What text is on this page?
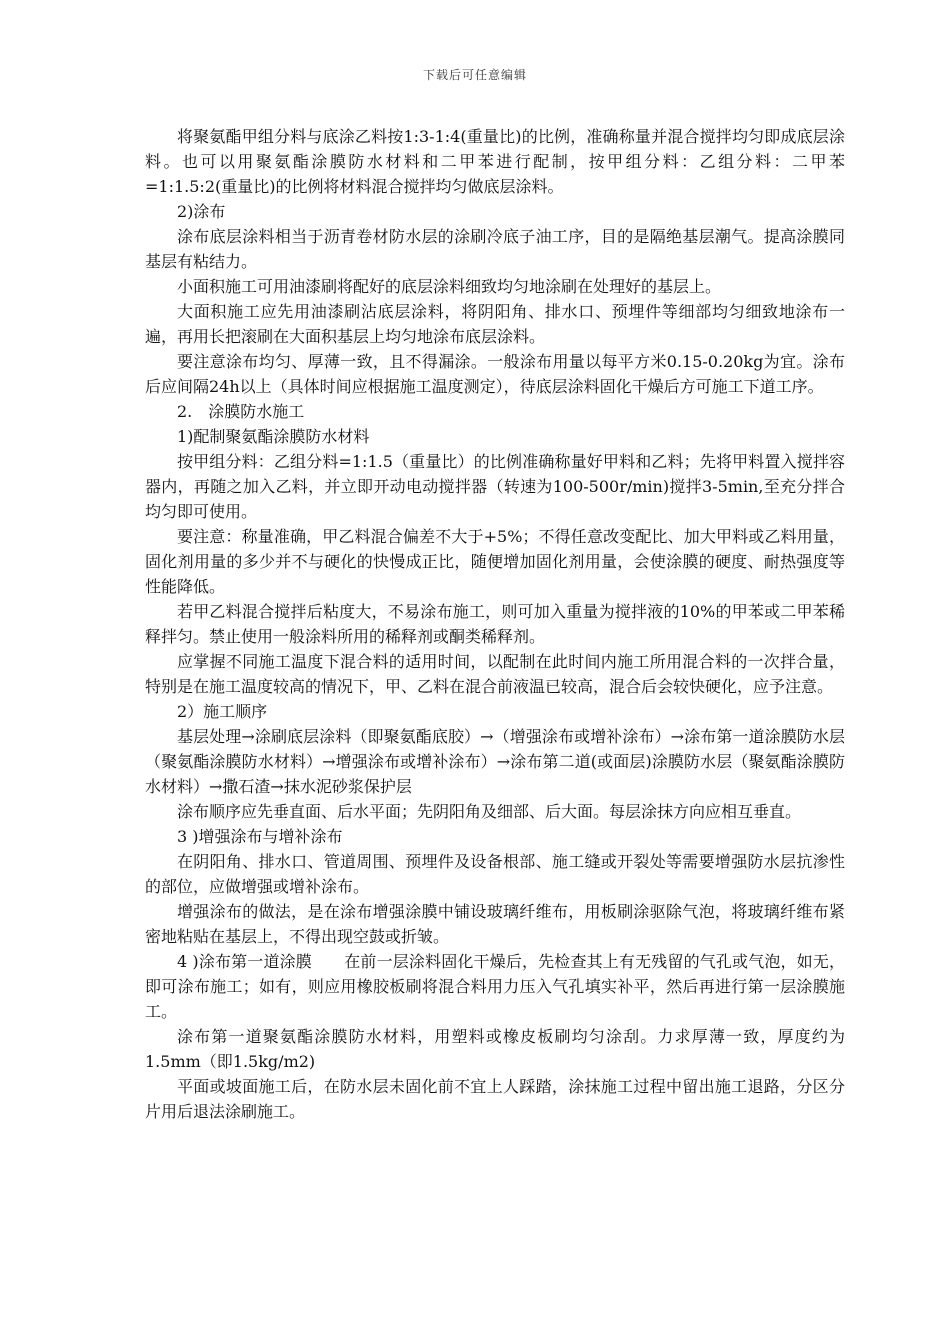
下载后可任意编辑

将聚氨酯甲组分料与底涂乙料按1:3-1:4(重量比)的比例，准确称量并混合搅拌均匀即成底层涂料。也可以用聚氨酯涂膜防水材料和二甲苯进行配制，按甲组分料：乙组分料：二甲苯=1:1.5:2(重量比)的比例将材料混合搅拌均匀做底层涂料。

2)涂布

涂布底层涂料相当于沥青卷材防水层的涂刷冷底子油工序，目的是隔绝基层潮气。提高涂膜同基层有粘结力。

小面积施工可用油漆刷将配好的底层涂料细致均匀地涂刷在处理好的基层上。

大面积施工应先用油漆刷沾底层涂料，将阴阳角、排水口、预埋件等细部均匀细致地涂布一遍，再用长把滚刷在大面积基层上均匀地涂布底层涂料。

要注意涂布均匀、厚薄一致，且不得漏涂。一般涂布用量以每平方米0.15-0.20kg为宜。涂布后应间隔24h以上（具体时间应根据施工温度测定），待底层涂料固化干燥后方可施工下道工序。

2.　涂膜防水施工

1)配制聚氨酯涂膜防水材料

按甲组分料：乙组分料=1:1.5（重量比）的比例准确称量好甲料和乙料；先将甲料置入搅拌容器内，再随之加入乙料，并立即开动电动搅拌器（转速为100-500r/min)搅拌3-5min,至充分拌合均匀即可使用。

要注意：称量准确，甲乙料混合偏差不大于+5%；不得任意改变配比、加大甲料或乙料用量，固化剂用量的多少并不与硬化的快慢成正比，随便增加固化剂用量，会使涂膜的硬度、耐热强度等性能降低。

若甲乙料混合搅拌后粘度大，不易涂布施工，则可加入重量为搅拌液的10%的甲苯或二甲苯稀释拌匀。禁止使用一般涂料所用的稀释剂或酮类稀释剂。

应掌握不同施工温度下混合料的适用时间，以配制在此时间内施工所用混合料的一次拌合量，特别是在施工温度较高的情况下，甲、乙料在混合前液温已较高，混合后会较快硬化，应予注意。

2）施工顺序

基层处理→涂刷底层涂料（即聚氨酯底胶）→（增强涂布或增补涂布）→涂布第一道涂膜防水层（聚氨酯涂膜防水材料）→增强涂布或增补涂布）→涂布第二道(或面层)涂膜防水层（聚氨酯涂膜防水材料）→撒石渣→抹水泥砂浆保护层

涂布顺序应先垂直面、后水平面；先阴阳角及细部、后大面。每层涂抹方向应相互垂直。

3 )增强涂布与增补涂布

在阴阳角、排水口、管道周围、预埋件及设备根部、施工缝或开裂处等需要增强防水层抗渗性的部位，应做增强或增补涂布。

增强涂布的做法，是在涂布增强涂膜中铺设玻璃纤维布，用板刷涂驱除气泡，将玻璃纤维布紧密地粘贴在基层上，不得出现空鼓或折皱。

4 )涂布第一道涂膜　　在前一层涂料固化干燥后，先检查其上有无残留的气孔或气泡，如无，即可涂布施工；如有，则应用橡胶板刷将混合料用力压入气孔填实补平，然后再进行第一层涂膜施工。

涂布第一道聚氨酯涂膜防水材料，用塑料或橡皮板刷均匀涂刮。力求厚薄一致，厚度约为1.5mm（即1.5kg/m2)

平面或坡面施工后，在防水层未固化前不宜上人踩踏，涂抹施工过程中留出施工退路，分区分片用后退法涂刷施工。
